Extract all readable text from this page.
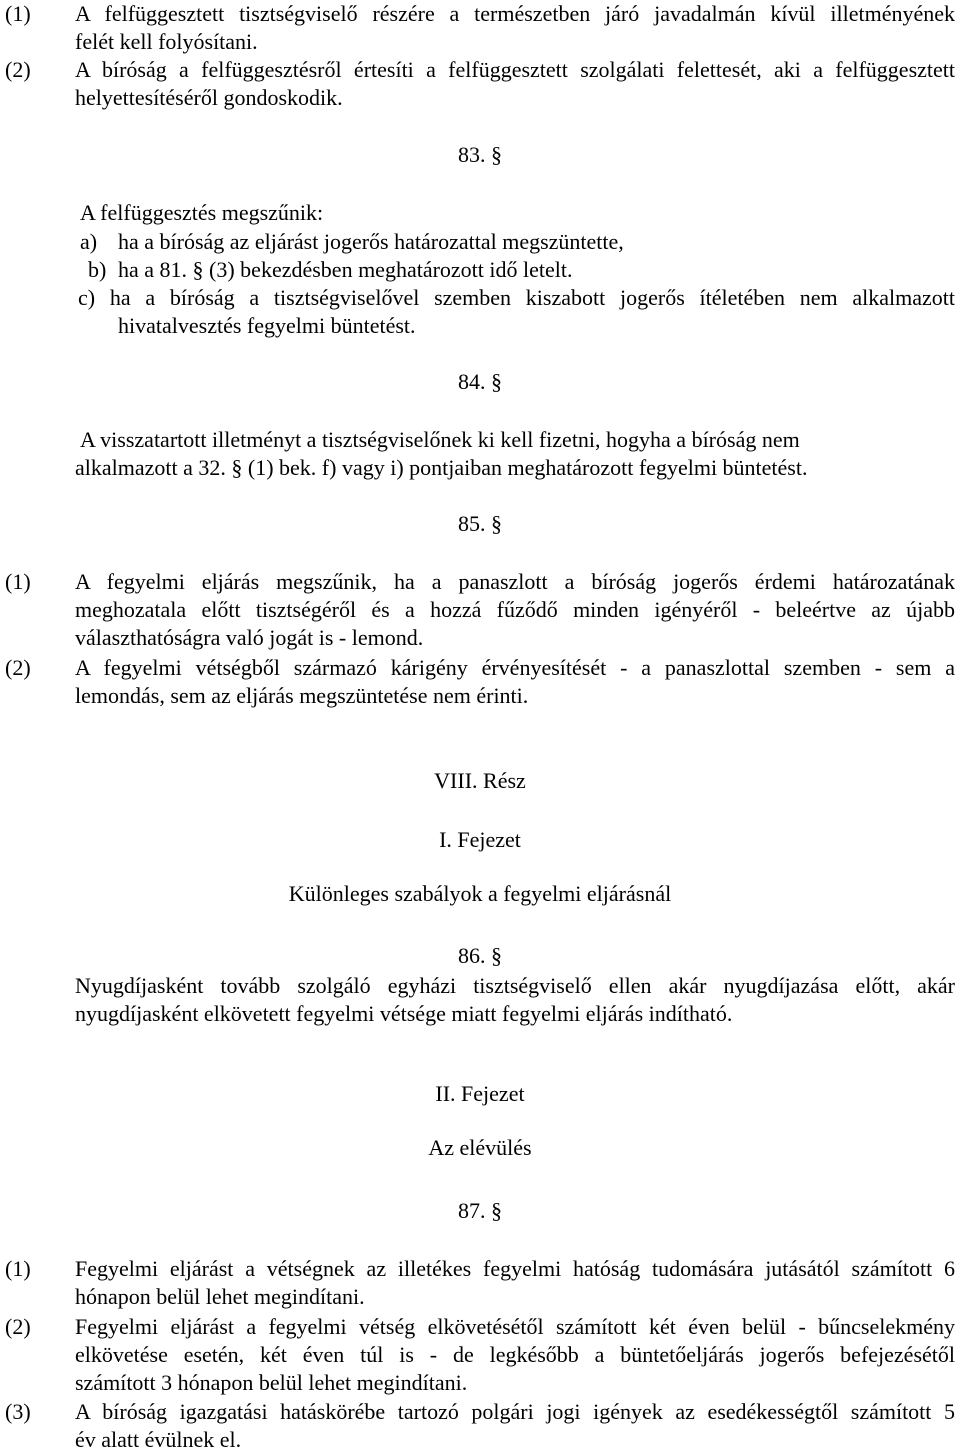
(1) A felfüggesztett tisztségviselő részére a természetben járó javadalmán kívül illetményének
felét kell folyósítani.
(2) A bíróság a felfüggesztésről értesíti a felfüggesztett szolgálati felettesét, aki a felfüggesztett
helyettesítéséről gondoskodik.
83. §
A felfüggesztés megszűnik:
a) ha a bíróság az eljárást jogerős határozattal megszüntette,
b) ha a 81. § (3) bekezdésben meghatározott idő letelt.
c) ha a bíróság a tisztségviselővel szemben kiszabott jogerős ítéletében nem alkalmazott
hivatalvesztés fegyelmi büntetést.
84. §
A visszatartott illetményt a tisztségviselőnek ki kell fizetni, hogyha a bíróság nem
alkalmazott a 32. § (1) bek. f) vagy i) pontjaiban meghatározott fegyelmi büntetést.
85. §
(1) A fegyelmi eljárás megszűnik, ha a panaszlott a bíróság jogerős érdemi határozatának
meghozatala előtt tisztségéről és a hozzá fűződő minden igényéről - beleértve az újabb
választhatóságra való jogát is - lemond.
(2) A fegyelmi vétségből származó kárigény érvényesítését - a panaszlottal szemben - sem a
lemondás, sem az eljárás megszüntetése nem érinti.
VIII. Rész
I. Fejezet
Különleges szabályok a fegyelmi eljárásnál
86. §
Nyugdíjasként tovább szolgáló egyházi tisztségviselő ellen akár nyugdíjazása előtt, akár
nyugdíjasként elkövetett fegyelmi vétsége miatt fegyelmi eljárás indítható.
II. Fejezet
Az elévülés
87. §
(1) Fegyelmi eljárást a vétségnek az illetékes fegyelmi hatóság tudomására jutásától számított 6
hónapon belül lehet megindítani.
(2) Fegyelmi eljárást a fegyelmi vétség elkövetésétől számított két éven belül - bűncselekmény
elkövetése esetén, két éven túl is - de legkésőbb a büntetőeljárás jogerős befejezésétől
számított 3 hónapon belül lehet megindítani.
(3) A bíróság igazgatási hatáskörébe tartozó polgári jogi igények az esedékességtől számított 5
év alatt évülnek el.
